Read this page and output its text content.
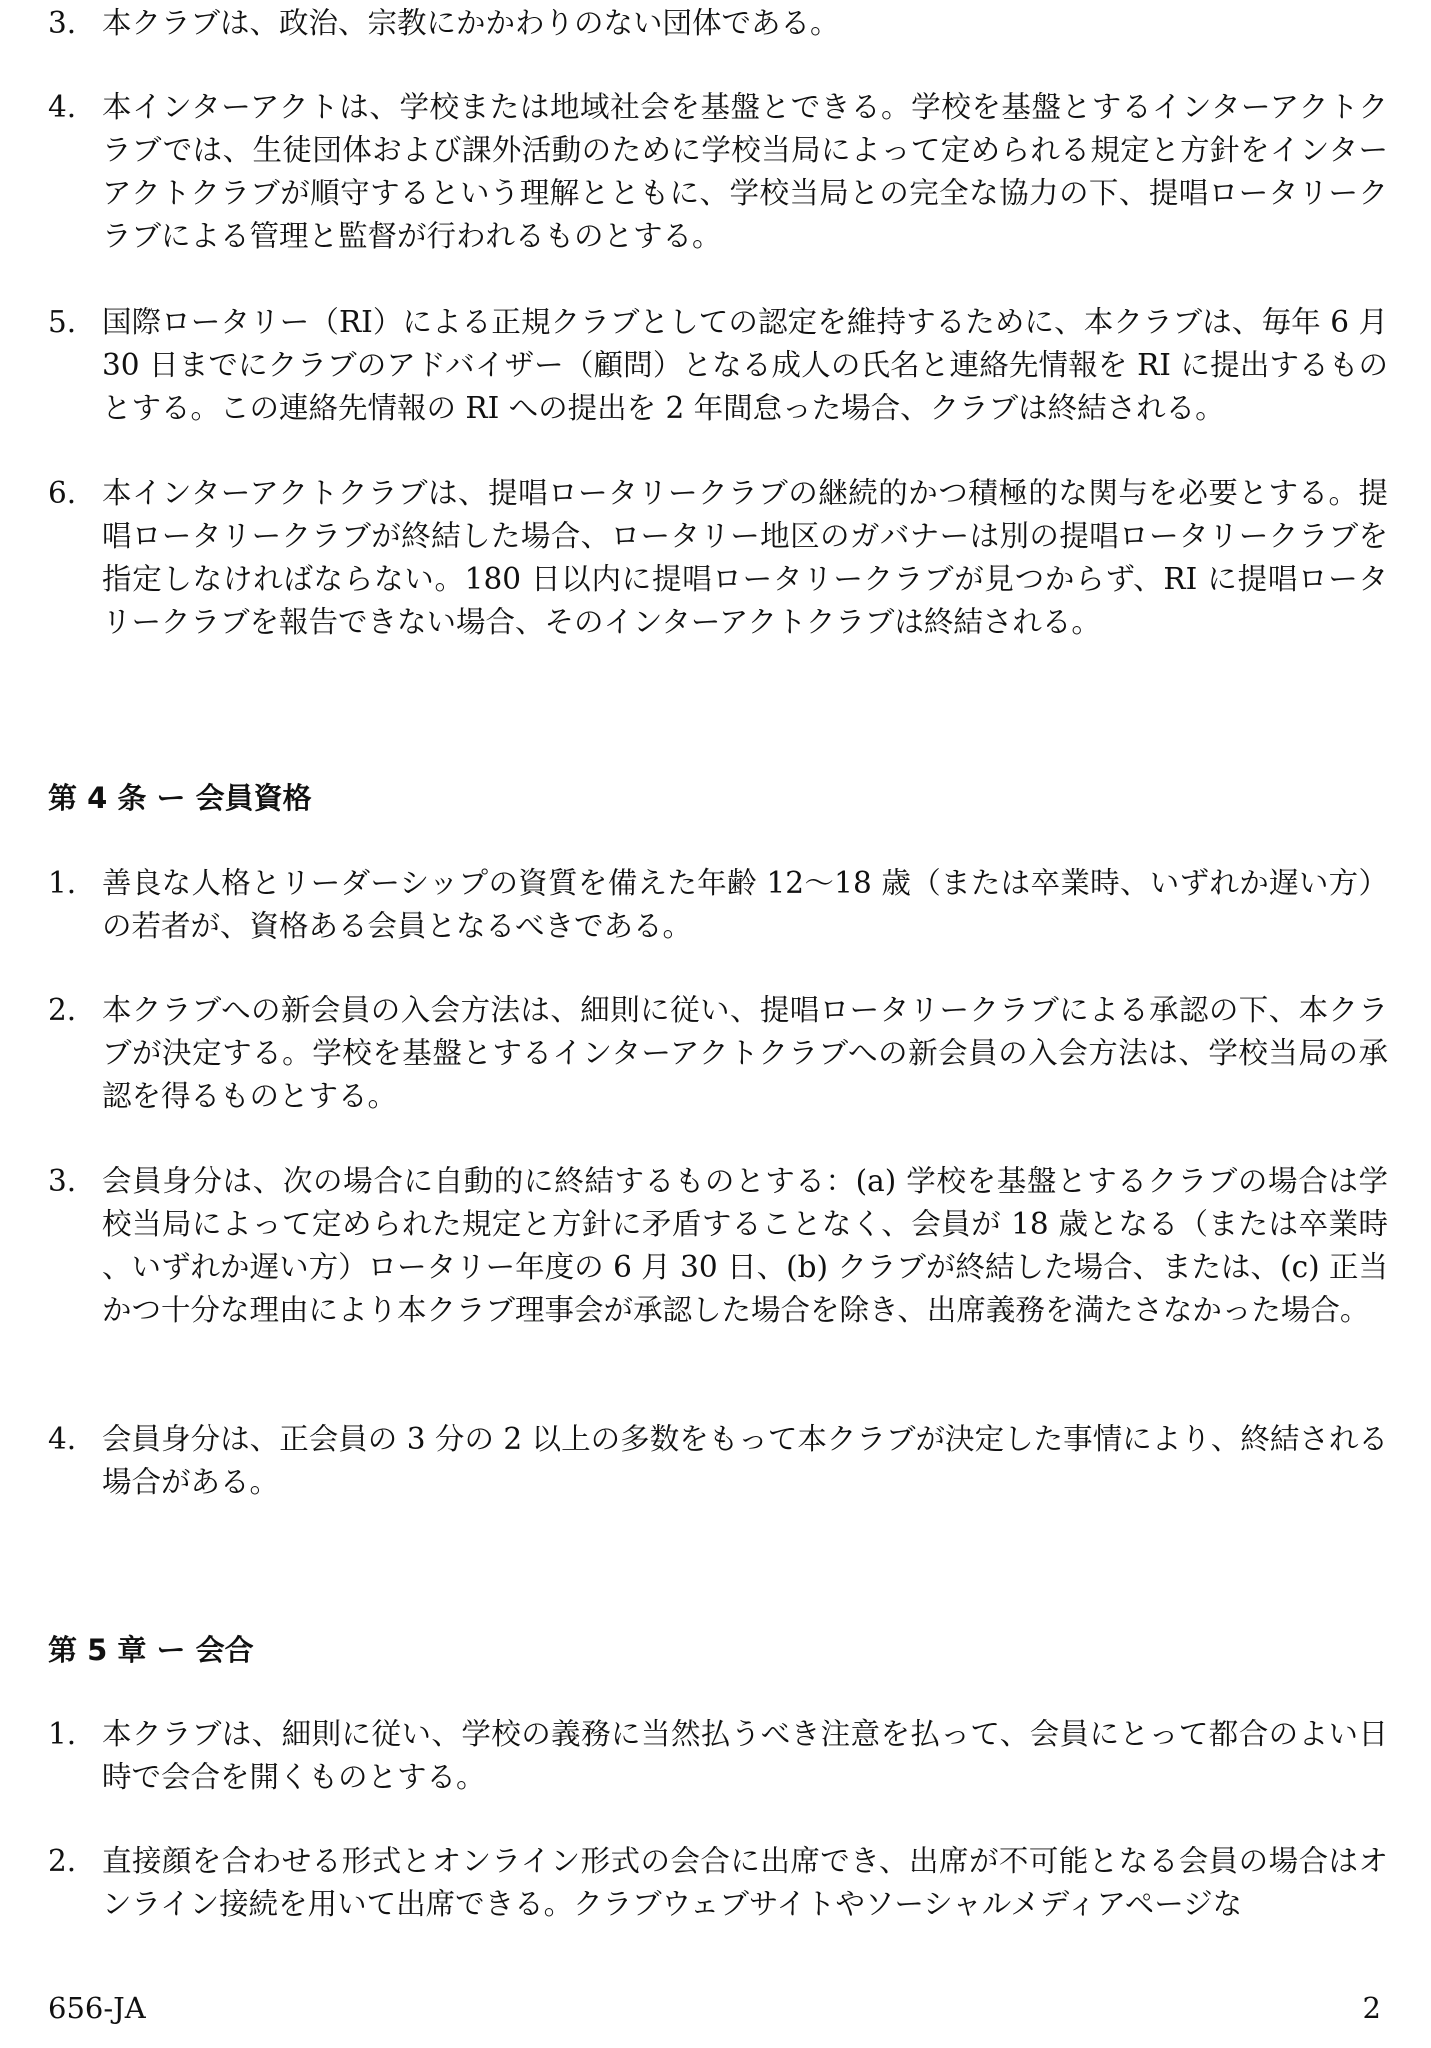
3. 本クラブは、政治、宗教にかかわりのない団体である。
4. 本インターアクトは、学校または地域社会を基盤とできる。学校を基盤とするインターアクトクラブでは、生徒団体および課外活動のために学校当局によって定められる規定と方針をインターアクトクラブが順守するという理解とともに、学校当局との完全な協力の下、提唱ロータリークラブによる管理と監督が行われるものとする。
5. 国際ロータリー（RI）による正規クラブとしての認定を維持するために、本クラブは、毎年 6 月 30 日までにクラブのアドバイザー（顧問）となる成人の氏名と連絡先情報を RI に提出するものとする。この連絡先情報の RI への提出を 2 年間怠った場合、クラブは終結される。
6. 本インターアクトクラブは、提唱ロータリークラブの継続的かつ積極的な関与を必要とする。提唱ロータリークラブが終結した場合、ロータリー地区のガバナーは別の提唱ロータリークラブを指定しなければならない。180 日以内に提唱ロータリークラブが見つからず、RI に提唱ロータリークラブを報告できない場合、そのインターアクトクラブは終結される。
第 4 条 ー 会員資格
1. 善良な人格とリーダーシップの資質を備えた年齢 12～18 歳（または卒業時、いずれか遅い方）の若者が、資格ある会員となるべきである。
2. 本クラブへの新会員の入会方法は、細則に従い、提唱ロータリークラブによる承認の下、本クラブが決定する。学校を基盤とするインターアクトクラブへの新会員の入会方法は、学校当局の承認を得るものとする。
3. 会員身分は、次の場合に自動的に終結するものとする：(a) 学校を基盤とするクラブの場合は学校当局によって定められた規定と方針に矛盾することなく、会員が 18 歳となる（または卒業時、いずれか遅い方）ロータリー年度の 6 月 30 日、(b) クラブが終結した場合、または、(c) 正当かつ十分な理由により本クラブ理事会が承認した場合を除き、出席義務を満たさなかった場合。
4. 会員身分は、正会員の 3 分の 2 以上の多数をもって本クラブが決定した事情により、終結される場合がある。
第 5 章 ー 会合
1. 本クラブは、細則に従い、学校の義務に当然払うべき注意を払って、会員にとって都合のよい日時で会合を開くものとする。
2. 直接顔を合わせる形式とオンライン形式の会合に出席でき、出席が不可能となる会員の場合はオンライン接続を用いて出席できる。クラブウェブサイトやソーシャルメディアページな
656-JA	2
